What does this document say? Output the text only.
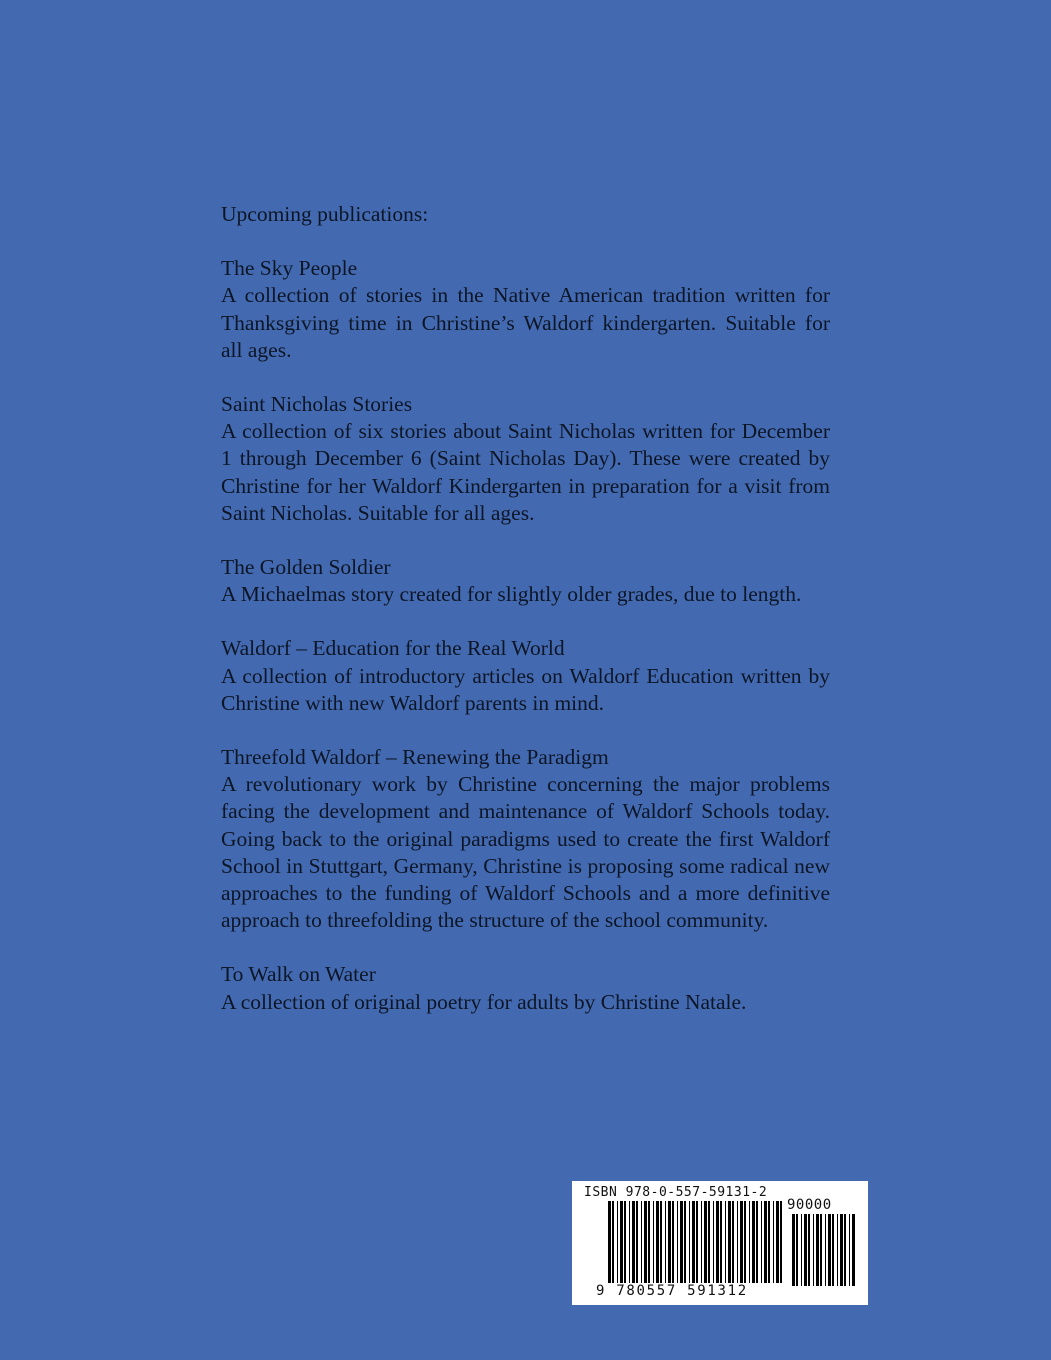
Upcoming publications:
The Sky People
A collection of stories in the Native American tradition written for Thanksgiving time in Christine’s Waldorf kindergarten. Suitable for all ages.
Saint Nicholas Stories
A collection of six stories about Saint Nicholas written for December 1 through December 6 (Saint Nicholas Day). These were created by Christine for her Waldorf Kindergarten in preparation for a visit from Saint Nicholas. Suitable for all ages.
The Golden Soldier
A Michaelmas story created for slightly older grades, due to length.
Waldorf – Education for the Real World
A collection of introductory articles on Waldorf Education written by Christine with new Waldorf parents in mind.
Threefold Waldorf – Renewing the Paradigm
A revolutionary work by Christine concerning the major problems facing the development and maintenance of Waldorf Schools today. Going back to the original paradigms used to create the first Waldorf School in Stuttgart, Germany, Christine is proposing some radical new approaches to the funding of Waldorf Schools and a more definitive approach to threefolding the structure of the school community.
To Walk on Water
A collection of original poetry for adults by Christine Natale.
ISBN 978-0-557-59131-2
90000
9 780557 591312
